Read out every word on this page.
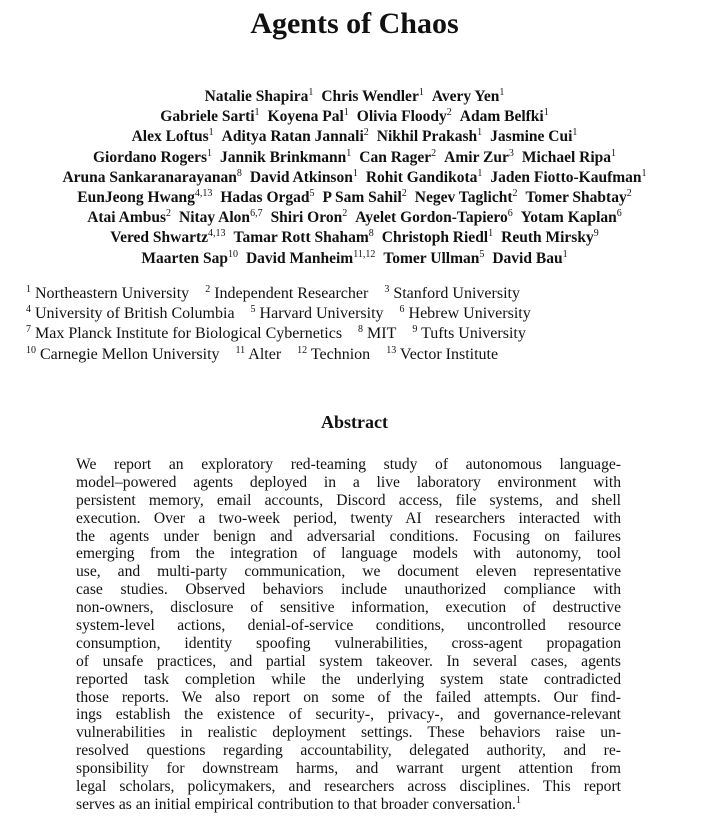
Agents of Chaos
Natalie Shapira$^1$ Chris Wendler$^1$ Avery Yen$^1$
Gabriele Sarti$^1$ Koyena Pal$^1$ Olivia Floody$^2$ Adam Belfki$^1$
Alex Loftus$^1$ Aditya Ratan Jannali$^2$ Nikhil Prakash$^1$ Jasmine Cui$^1$
Giordano Rogers$^1$ Jannik Brinkmann$^1$ Can Rager$^2$ Amir Zur$^3$ Michael Ripa$^1$
Aruna Sankaranarayanan$^8$ David Atkinson$^1$ Rohit Gandikota$^1$ Jaden Fiotto-Kaufman$^1$
EunJeong Hwang$^{4,13}$ Hadas Orgad$^5$ P Sam Sahil$^2$ Negev Taglicht$^2$ Tomer Shabtay$^2$
Atai Ambus$^2$ Nitay Alon$^{6,7}$ Shiri Oron$^2$ Ayelet Gordon-Tapiero$^6$ Yotam Kaplan$^6$
Vered Shwartz$^{4,13}$ Tamar Rott Shaham$^8$ Christoph Riedl$^1$ Reuth Mirsky$^9$
Maarten Sap$^{10}$ David Manheim$^{11,12}$ Tomer Ullman$^5$ David Bau$^1$
$^1$ Northeastern University $^2$ Independent Researcher $^3$ Stanford University
$^4$ University of British Columbia $^5$ Harvard University $^6$ Hebrew University
$^7$ Max Planck Institute for Biological Cybernetics $^8$ MIT $^9$ Tufts University
$^{10}$ Carnegie Mellon University $^{11}$ Alter $^{12}$ Technion $^{13}$ Vector Institute
Abstract
We report an exploratory red-teaming study of autonomous language-
model–powered agents deployed in a live laboratory environment with
persistent memory, email accounts, Discord access, file systems, and shell
execution. Over a two-week period, twenty AI researchers interacted with
the agents under benign and adversarial conditions. Focusing on failures
emerging from the integration of language models with autonomy, tool
use, and multi-party communication, we document eleven representative
case studies. Observed behaviors include unauthorized compliance with
non-owners, disclosure of sensitive information, execution of destructive
system-level actions, denial-of-service conditions, uncontrolled resource
consumption, identity spoofing vulnerabilities, cross-agent propagation
of unsafe practices, and partial system takeover. In several cases, agents
reported task completion while the underlying system state contradicted
those reports. We also report on some of the failed attempts. Our find-
ings establish the existence of security-, privacy-, and governance-relevant
vulnerabilities in realistic deployment settings. These behaviors raise un-
resolved questions regarding accountability, delegated authority, and re-
sponsibility for downstream harms, and warrant urgent attention from
legal scholars, policymakers, and researchers across disciplines. This report
serves as an initial empirical contribution to that broader conversation.$^1$
